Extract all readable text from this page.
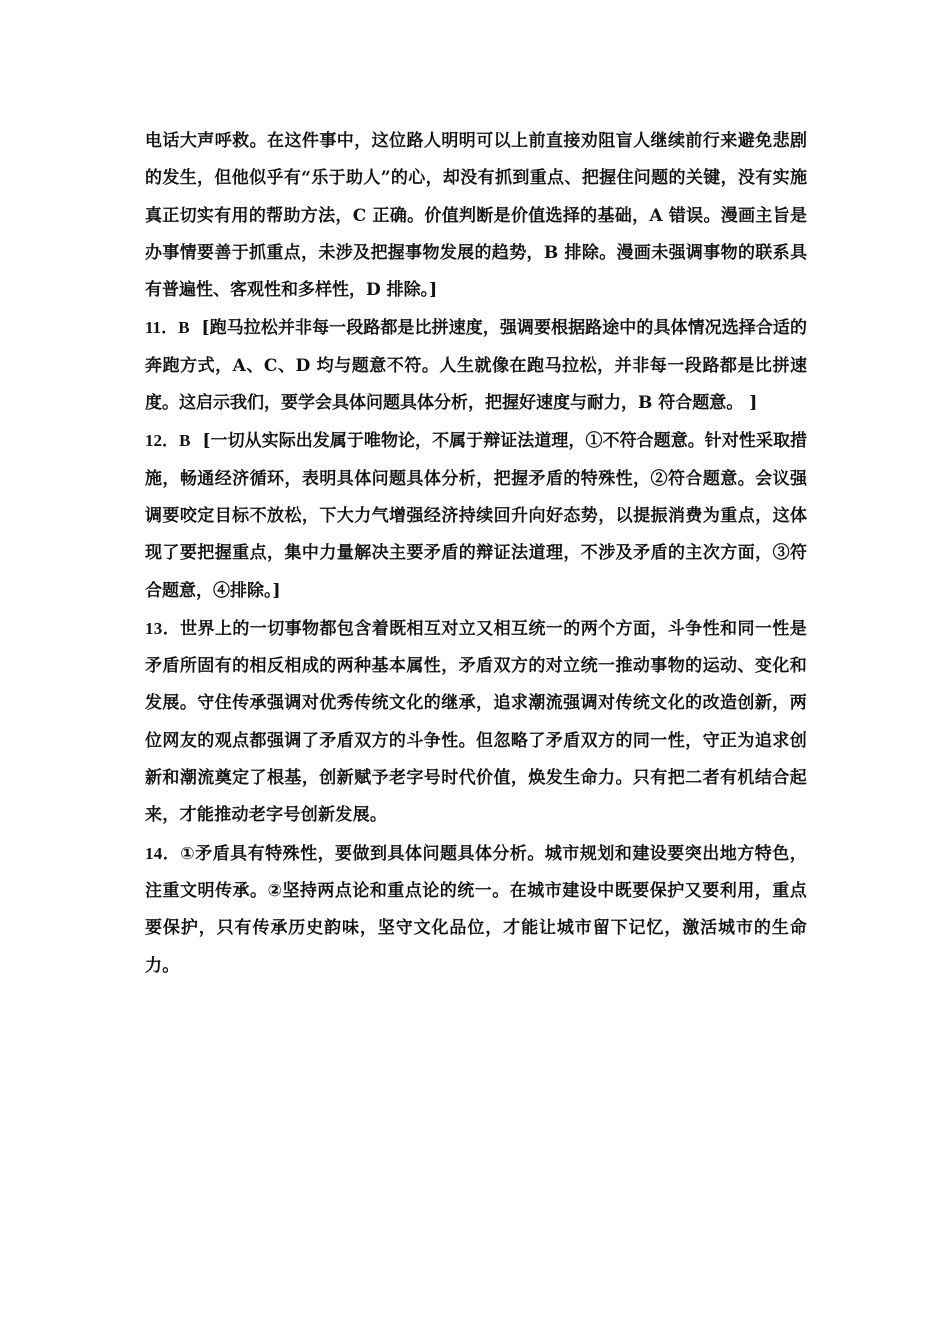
电话大声呼救。在这件事中，这位路人明明可以上前直接劝阻盲人继续前行来避免悲剧的发生，但他似乎有“乐于助人”的心，却没有抓到重点、把握住问题的关键，没有实施真正切实有用的帮助方法，C 正确。价值判断是价值选择的基础，A 错误。漫画主旨是办事情要善于抓重点，未涉及把握事物发展的趋势，B 排除。漫画未强调事物的联系具有普遍性、客观性和多样性，D 排除。]

11．B [跑马拉松并非每一段路都是比拼速度，强调要根据路途中的具体情况选择合适的奔跑方式，A、C、D 均与题意不符。人生就像在跑马拉松，并非每一段路都是比拼速度。这启示我们，要学会具体问题具体分析，把握好速度与耐力，B 符合题意。 ]

12．B [一切从实际出发属于唯物论，不属于辩证法道理，①不符合题意。针对性采取措施，畅通经济循环，表明具体问题具体分析，把握矛盾的特殊性，②符合题意。会议强调要咬定目标不放松，下大力气增强经济持续回升向好态势，以提振消费为重点，这体现了要把握重点，集中力量解决主要矛盾的辩证法道理，不涉及矛盾的主次方面，③符合题意，④排除。]

13．世界上的一切事物都包含着既相互对立又相互统一的两个方面，斗争性和同一性是矛盾所固有的相反相成的两种基本属性，矛盾双方的对立统一推动事物的运动、变化和发展。守住传承强调对优秀传统文化的继承，追求潮流强调对传统文化的改造创新，两位网友的观点都强调了矛盾双方的斗争性。但忽略了矛盾双方的同一性，守正为追求创新和潮流奠定了根基，创新赋予老字号时代价值，焕发生命力。只有把二者有机结合起来，才能推动老字号创新发展。

14．①矛盾具有特殊性，要做到具体问题具体分析。城市规划和建设要突出地方特色，注重文明传承。②坚持两点论和重点论的统一。在城市建设中既要保护又要利用，重点要保护，只有传承历史韵味，坚守文化品位，才能让城市留下记忆，激活城市的生命力。
